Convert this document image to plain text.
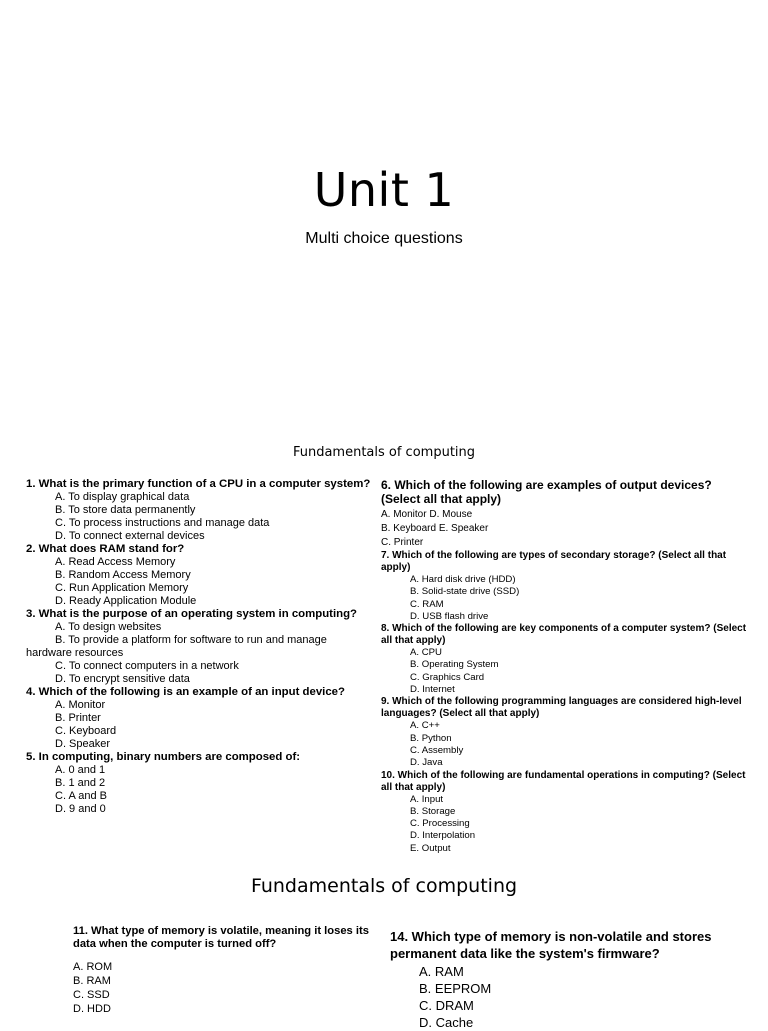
Unit 1
Multi choice questions
Fundamentals of computing
1. What is the primary function of a CPU in a computer system?
A. To display graphical data
B. To store data permanently
C. To process instructions and manage data
D. To connect external devices
2. What does RAM stand for?
A. Read Access Memory
B. Random Access Memory
C. Run Application Memory
D. Ready Application Module
3. What is the purpose of an operating system in computing?
A. To design websites
B. To provide a platform for software to run and manage
hardware resources
C. To connect computers in a network
D. To encrypt sensitive data
4. Which of the following is an example of an input device?
A. Monitor
B. Printer
C. Keyboard
D. Speaker
5. In computing, binary numbers are composed of:
A. 0 and 1
B. 1 and 2
C. A and B
D. 9 and 0
6. Which of the following are examples of output devices? (Select all that apply)
A. Monitor D. Mouse
B. Keyboard E. Speaker
C. Printer
7. Which of the following are types of secondary storage? (Select all that apply)
A. Hard disk drive (HDD)
B. Solid-state drive (SSD)
C. RAM
D. USB flash drive
8. Which of the following are key components of a computer system? (Select all that apply)
A. CPU
B. Operating System
C. Graphics Card
D. Internet
9. Which of the following programming languages are considered high-level languages? (Select all that apply)
A. C++
B. Python
C. Assembly
D. Java
10. Which of the following are fundamental operations in computing? (Select all that apply)
A. Input
B. Storage
C. Processing
D. Interpolation
E. Output
Fundamentals of computing
11. What type of memory is volatile, meaning it loses its data when the computer is turned off?
A. ROM
B. RAM
C. SSD
D. HDD
14. Which type of memory is non-volatile and stores permanent data like the system's firmware?
A. RAM
B. EEPROM
C. DRAM
D. Cache
